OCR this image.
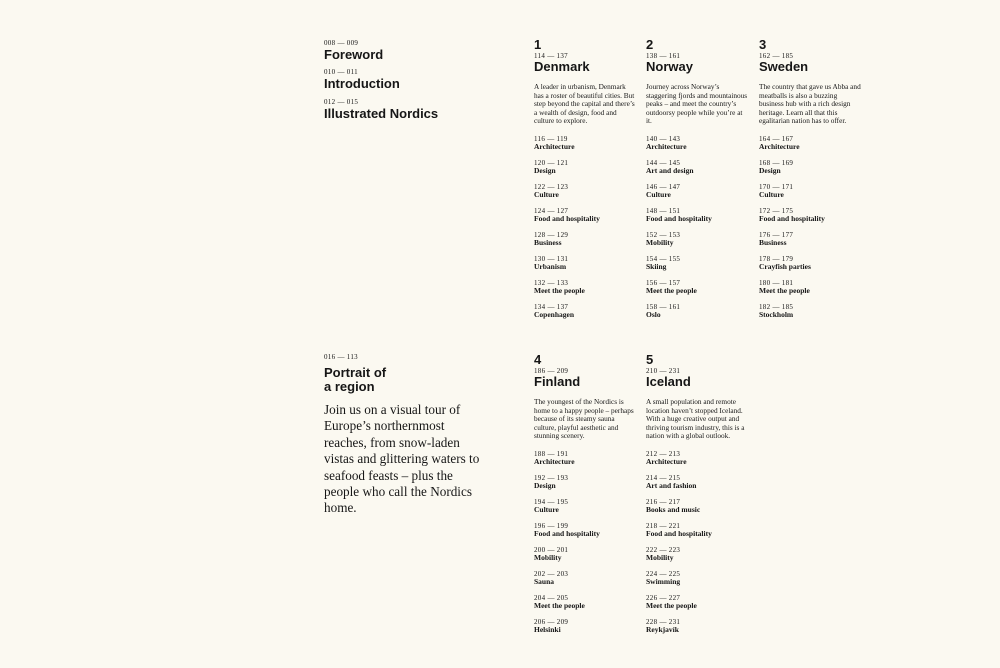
008 — 009
Foreword
010 — 011
Introduction
012 — 015
Illustrated Nordics
016 — 113
Portrait of
a region
Join us on a visual tour of Europe’s northernmost reaches, from snow-laden vistas and glittering waters to seafood feasts – plus the people who call the Nordics home.
1
114 — 137
Denmark
A leader in urbanism, Denmark has a roster of beautiful cities. But step beyond the capital and there’s a wealth of design, food and culture to explore.
116 — 119
Architecture
120 — 121
Design
122 — 123
Culture
124 — 127
Food and hospitality
128 — 129
Business
130 — 131
Urbanism
132 — 133
Meet the people
134 — 137
Copenhagen
2
138 — 161
Norway
Journey across Norway’s staggering fjords and mountainous peaks – and meet the country’s outdoorsy people while you’re at it.
140 — 143
Architecture
144 — 145
Art and design
146 — 147
Culture
148 — 151
Food and hospitality
152 — 153
Mobility
154 — 155
Skiing
156 — 157
Meet the people
158 — 161
Oslo
3
162 — 185
Sweden
The country that gave us Abba and meatballs is also a buzzing business hub with a rich design heritage. Learn all that this egalitarian nation has to offer.
164 — 167
Architecture
168 — 169
Design
170 — 171
Culture
172 — 175
Food and hospitality
176 — 177
Business
178 — 179
Crayfish parties
180 — 181
Meet the people
182 — 185
Stockholm
4
186 — 209
Finland
The youngest of the Nordics is home to a happy people – perhaps because of its steamy sauna culture, playful aesthetic and stunning scenery.
188 — 191
Architecture
192 — 193
Design
194 — 195
Culture
196 — 199
Food and hospitality
200 — 201
Mobility
202 — 203
Sauna
204 — 205
Meet the people
206 — 209
Helsinki
5
210 — 231
Iceland
A small population and remote location haven’t stopped Iceland. With a huge creative output and thriving tourism industry, this is a nation with a global outlook.
212 — 213
Architecture
214 — 215
Art and fashion
216 — 217
Books and music
218 — 221
Food and hospitality
222 — 223
Mobility
224 — 225
Swimming
226 — 227
Meet the people
228 — 231
Reykjavík
